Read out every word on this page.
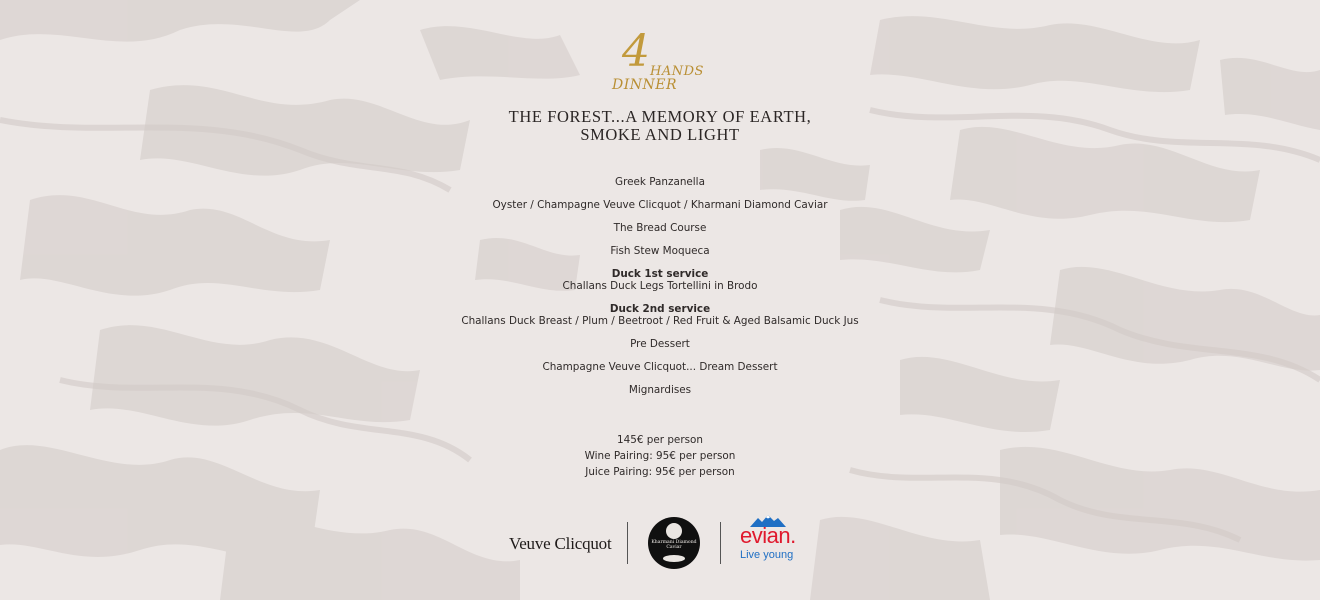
4 HANDS
DINNER
THE FOREST...A MEMORY OF EARTH,
SMOKE AND LIGHT
Greek Panzanella
Oyster / Champagne Veuve Clicquot / Kharmani Diamond Caviar
The Bread Course
Fish Stew Moqueca
Duck 1st service
Challans Duck Legs Tortellini in Brodo
Duck 2nd service
Challans Duck Breast / Plum / Beetroot / Red Fruit & Aged Balsamic Duck Jus
Pre Dessert
Champagne Veuve Clicquot... Dream Dessert
Mignardises
145€ per person
Wine Pairing: 95€ per person
Juice Pairing: 95€ per person
Veuve Clicquot	Kharmani Diamond Caviar	evian.
Live young
